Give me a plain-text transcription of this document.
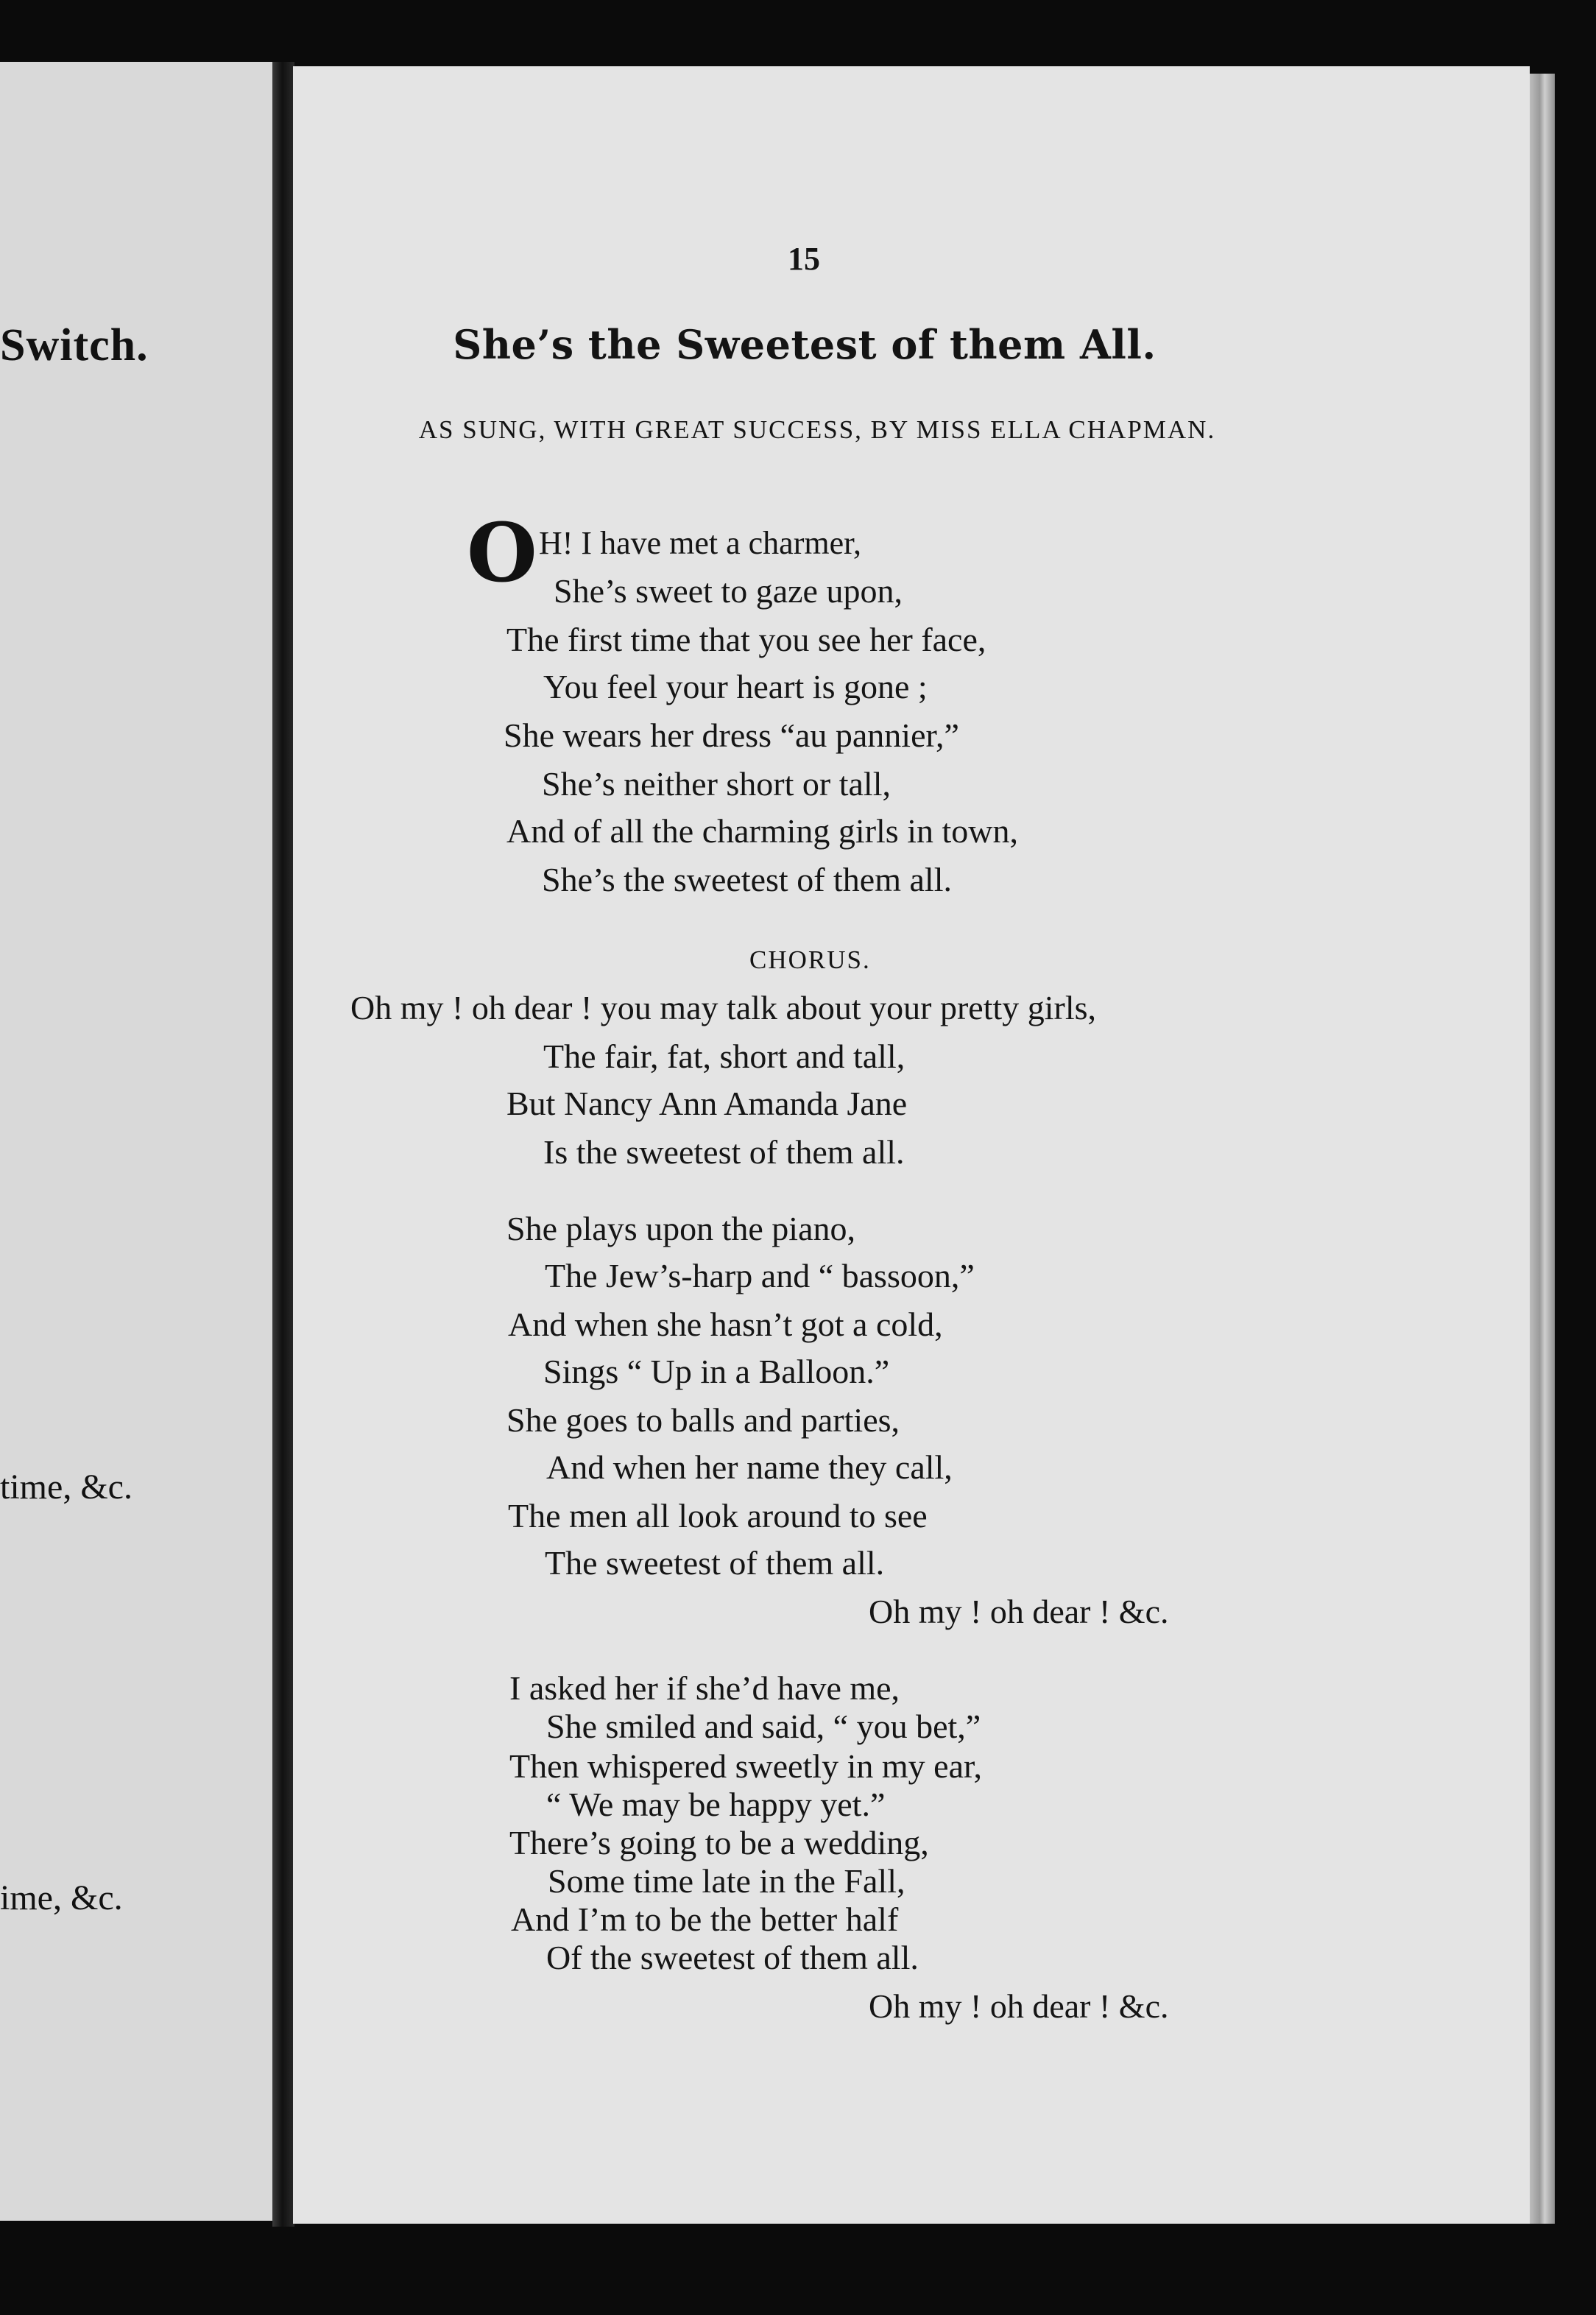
Switch.
time, &c.
ime, &c.
15
She’s the Sweetest of them All.
AS SUNG, WITH GREAT SUCCESS, BY MISS ELLA CHAPMAN.
O H! I have met a charmer,
She’s sweet to gaze upon,
The first time that you see her face,
You feel your heart is gone ;
She wears her dress “au pannier,”
She’s neither short or tall,
And of all the charming girls in town,
She’s the sweetest of them all.
CHORUS.
Oh my ! oh dear ! you may talk about your pretty girls,
The fair, fat, short and tall,
But Nancy Ann Amanda Jane
Is the sweetest of them all.
She plays upon the piano,
The Jew’s-harp and “ bassoon,”
And when she hasn’t got a cold,
Sings “ Up in a Balloon.”
She goes to balls and parties,
And when her name they call,
The men all look around to see
The sweetest of them all.
Oh my ! oh dear ! &c.
I asked her if she’d have me,
She smiled and said, “ you bet,”
Then whispered sweetly in my ear,
“ We may be happy yet.”
There’s going to be a wedding,
Some time late in the Fall,
And I’m to be the better half
Of the sweetest of them all.
Oh my ! oh dear ! &c.
